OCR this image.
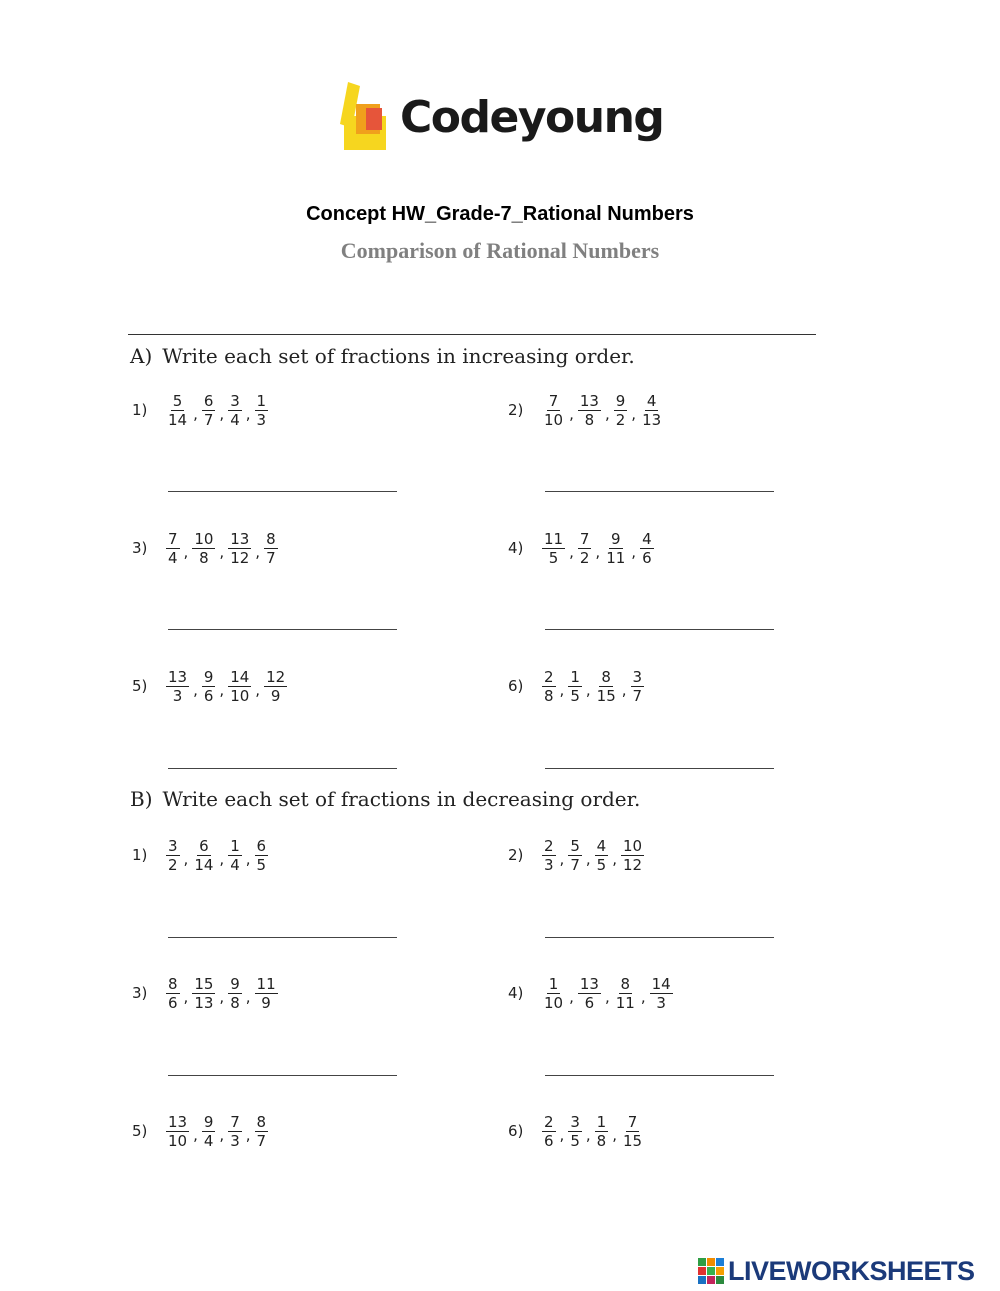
Codeyoung
Concept HW_Grade-7_Rational Numbers
Comparison of Rational Numbers
A) Write each set of fractions in increasing order.
B) Write each set of fractions in decreasing order.
1)	$\frac{5}{14}$ , $\frac{6}{7}$ , $\frac{3}{4}$ , $\frac{1}{3}$	2)	$\frac{7}{10}$ , $\frac{13}{8}$ , $\frac{9}{2}$ , $\frac{4}{13}$
3)	$\frac{7}{4}$ , $\frac{10}{8}$ , $\frac{13}{12}$ , $\frac{8}{7}$	4)	$\frac{11}{5}$ , $\frac{7}{2}$ , $\frac{9}{11}$ , $\frac{4}{6}$
5)	$\frac{13}{3}$ , $\frac{9}{6}$ , $\frac{14}{10}$ , $\frac{12}{9}$	6)	$\frac{2}{8}$ , $\frac{1}{5}$ , $\frac{8}{15}$ , $\frac{3}{7}$
1)	$\frac{3}{2}$ , $\frac{6}{14}$ , $\frac{1}{4}$ , $\frac{6}{5}$	2)	$\frac{2}{3}$ , $\frac{5}{7}$ , $\frac{4}{5}$ , $\frac{10}{12}$
3)	$\frac{8}{6}$ , $\frac{15}{13}$ , $\frac{9}{8}$ , $\frac{11}{9}$	4)	$\frac{1}{10}$ , $\frac{13}{6}$ , $\frac{8}{11}$ , $\frac{14}{3}$
5)	$\frac{13}{10}$ , $\frac{9}{4}$ , $\frac{7}{3}$ , $\frac{8}{7}$	6)	$\frac{2}{6}$ , $\frac{3}{5}$ , $\frac{1}{8}$ , $\frac{7}{15}$
LIVEWORKSHEETS
